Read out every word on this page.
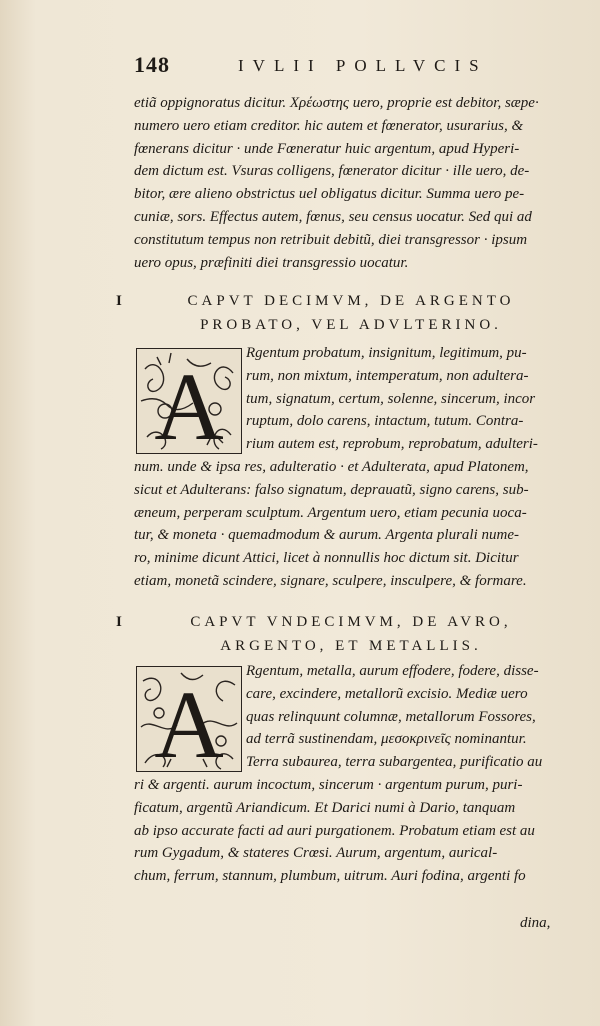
148	IVLII POLLVCIS
etiã oppignoratus dicitur. Χρέωστης uero, proprie est debitor, sæpe·
numero uero etiam creditor. hic autem et fœnerator, usurarius, &
fœnerans dicitur · unde Fœneratur huic argentum, apud Hyperi-
dem dictum est. Vsuras colligens, fœnerator dicitur · ille uero, de-
bitor, ære alieno obstrictus uel obligatus dicitur. Summa uero pe-
cuniæ, sors. Effectus autem, fœnus, seu census uocatur. Sed qui ad
constitutum tempus non retribuit debitũ, diei transgressor · ipsum
uero opus, præfiniti diei transgressio uocatur.
I	CAPVT DECIMVM, DE ARGENTO
PROBATO, VEL ADVLTERINO.
A Rgentum probatum, insignitum, legitimum, pu-
rum, non mixtum, intemperatum, non adultera-
tum, signatum, certum, solenne, sincerum, incor
ruptum, dolo carens, intactum, tutum. Contra-
rium autem est, reprobum, reprobatum, adulteri-
num. unde & ipsa res, adulteratio · et Adulterata, apud Platonem,
sicut et Adulterans: falso signatum, deprauatũ, signo carens, sub-
æneum, perperam sculptum. Argentum uero, etiam pecunia uoca-
tur, & moneta · quemadmodum & aurum. Argenta plurali nume-
ro, minime dicunt Attici, licet à nonnullis hoc dictum sit. Dicitur
etiam, monetã scindere, signare, sculpere, insculpere, & formare.
I	CAPVT VNDECIMVM, DE AVRO,
ARGENTO, ET METALLIS.
A Rgentum, metalla, aurum effodere, fodere, disse-
care, excindere, metallorũ excisio. Mediæ uero
quas relinquunt columnæ, metallorum Fossores,
ad terrã sustinendam, μεσοκρινεῖς nominantur.
Terra subaurea, terra subargentea, purificatio au
ri & argenti. aurum incoctum, sincerum · argentum purum, puri-
ficatum, argentũ Ariandicum. Et Darici numi à Dario, tanquam
ab ipso accurate facti ad auri purgationem. Probatum etiam est au
rum Gygadum, & stateres Crœsi. Aurum, argentum, aurical-
chum, ferrum, stannum, plumbum, uitrum. Auri fodina, argenti fo
dina,
